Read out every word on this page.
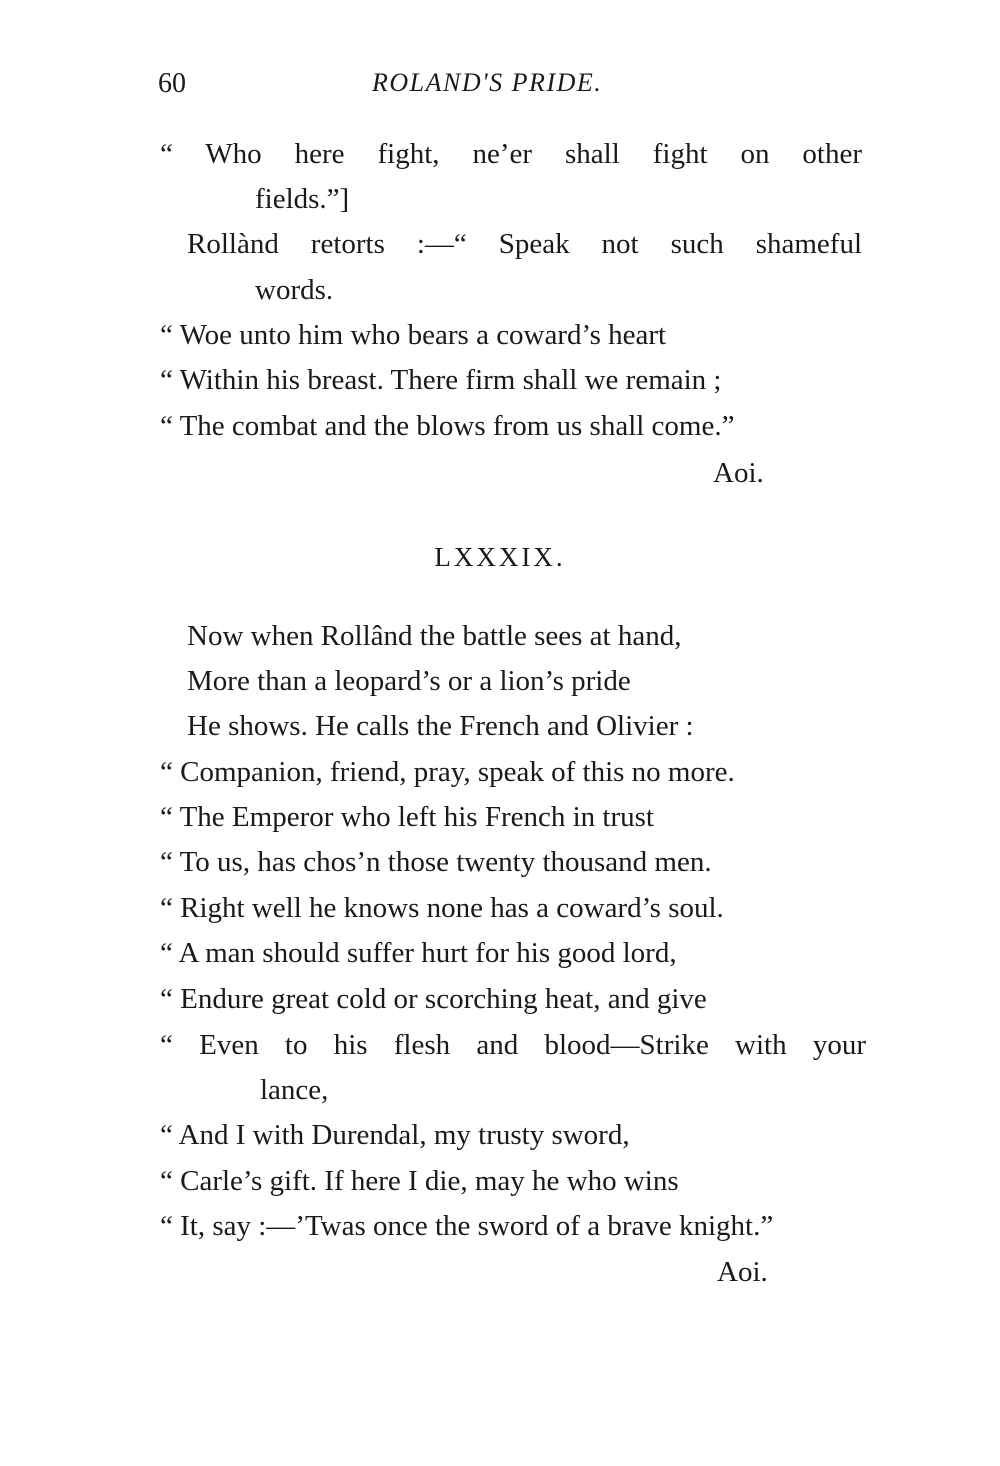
60	ROLAND'S PRIDE.
“ Who here fight, ne’er shall fight on other
fields.”]
Rollànd retorts :—“ Speak not such shameful
words.
“ Woe unto him who bears a coward’s heart
“ Within his breast. There firm shall we remain ;
“ The combat and the blows from us shall come.”
Aoi.
LXXXIX.
Now when Rollând the battle sees at hand,
More than a leopard’s or a lion’s pride
He shows. He calls the French and Olivier :
“ Companion, friend, pray, speak of this no more.
“ The Emperor who left his French in trust
“ To us, has chos’n those twenty thousand men.
“ Right well he knows none has a coward’s soul.
“ A man should suffer hurt for his good lord,
“ Endure great cold or scorching heat, and give
“ Even to his flesh and blood—Strike with your
lance,
“ And I with Durendal, my trusty sword,
“ Carle’s gift. If here I die, may he who wins
“ It, say :—’Twas once the sword of a brave knight.”
Aoi.
